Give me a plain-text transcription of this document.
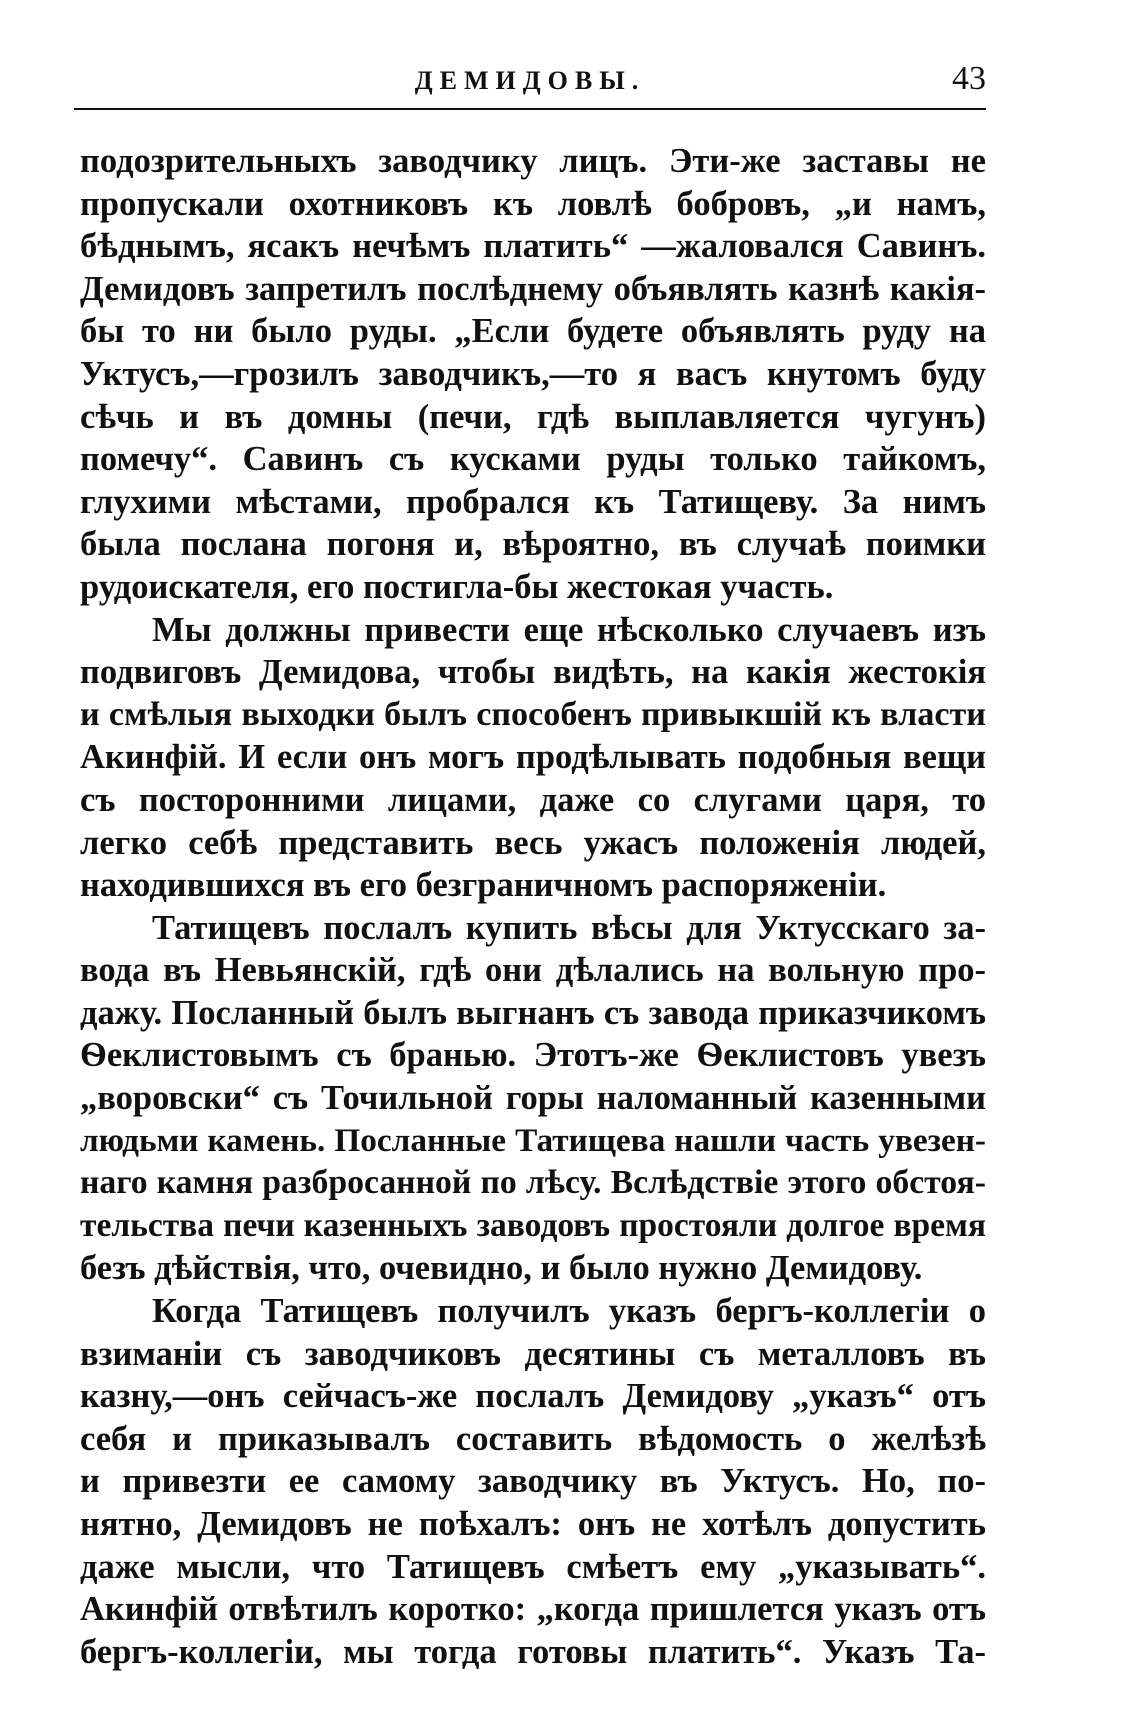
ДЕМИДОВЫ.	43

подозрительныхъ заводчику лицъ. Эти-же заставы не
пропускали охотниковъ къ ловлѣ бобровъ, „и намъ,
бѣднымъ, ясакъ нечѣмъ платить“ —жаловался Савинъ.
Демидовъ запретилъ послѣднему объявлять казнѣ какія-
бы то ни было руды. „Если будете объявлять руду на
Уктусъ,—грозилъ заводчикъ,—то я васъ кнутомъ буду
сѣчь и въ домны (печи, гдѣ выплавляется чугунъ)
помечу“. Савинъ съ кусками руды только тайкомъ,
глухими мѣстами, пробрался къ Татищеву. За нимъ
была послана погоня и, вѣроятно, въ случаѣ поимки
рудоискателя, его постигла-бы жестокая участь.

Мы должны привести еще нѣсколько случаевъ изъ
подвиговъ Демидова, чтобы видѣть, на какія жестокія
и смѣлыя выходки былъ способенъ привыкшій къ власти
Акинфій. И если онъ могъ продѣлывать подобныя вещи
съ посторонними лицами, даже со слугами царя, то
легко себѣ представить весь ужасъ положенія людей,
находившихся въ его безграничномъ распоряженіи.

Татищевъ послалъ купить вѣсы для Уктусскаго за-
вода въ Невьянскій, гдѣ они дѣлались на вольную про-
дажу. Посланный былъ выгнанъ съ завода приказчикомъ
Ѳеклистовымъ съ бранью. Этотъ-же Ѳеклистовъ увезъ
„воровски“ съ Точильной горы наломанный казенными
людьми камень. Посланные Татищева нашли часть увезен-
наго камня разбросанной по лѣсу. Вслѣдствіе этого обстоя-
тельства печи казенныхъ заводовъ простояли долгое время
безъ дѣйствія, что, очевидно, и было нужно Демидову.

Когда Татищевъ получилъ указъ бергъ-коллегіи о
взиманіи съ заводчиковъ десятины съ металловъ въ
казну,—онъ сейчасъ-же послалъ Демидову „указъ“ отъ
себя и приказывалъ составить вѣдомость о желѣзѣ
и привезти ее самому заводчику въ Уктусъ. Но, по-
нятно, Демидовъ не поѣхалъ: онъ не хотѣлъ допустить
даже мысли, что Татищевъ смѣетъ ему „указывать“.
Акинфій отвѣтилъ коротко: „когда пришлется указъ отъ
бергъ-коллегіи, мы тогда готовы платить“. Указъ Та-
